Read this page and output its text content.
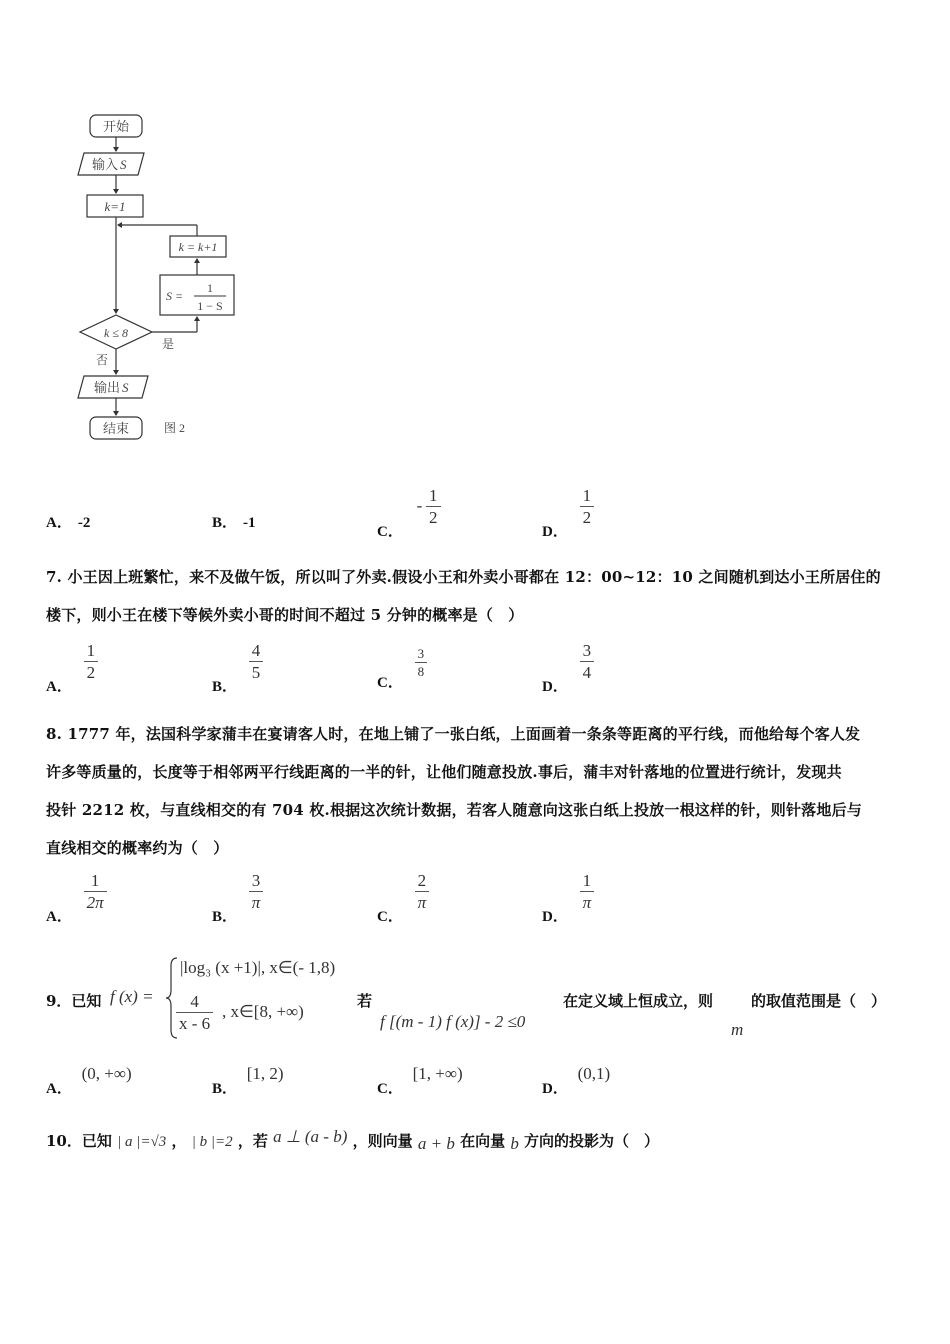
开始
输入 S
k=1
k = k+1
S =
1
1 − S
k ≤ 8
否
是
输出 S
结束	图 2
A． -2	B． -1
C． - $\frac{1}{2}$
D．
$\frac{1}{2}$
7. 小王因上班繁忙，来不及做午饭，所以叫了外卖.假设小王和外卖小哥都在 12：00~12：10 之间随机到达小王所居住的
楼下，则小王在楼下等候外卖小哥的时间不超过 5 分钟的概率是（　）
A．
$\frac{1}{2}$
B．
$\frac{4}{5}$	C．
$\frac{3}{8}$
D．
$\frac{3}{4}$
8. 1777 年，法国科学家蒲丰在宴请客人时，在地上铺了一张白纸，上面画着一条条等距离的平行线，而他给每个客人发
许多等质量的，长度等于相邻两平行线距离的一半的针，让他们随意投放.事后，蒲丰对针落地的位置进行统计，发现共
投针 2212 枚，与直线相交的有 704 枚.根据这次统计数据，若客人随意向这张白纸上投放一根这样的针，则针落地后与
直线相交的概率约为（　）
A．
$\frac{1}{2\pi}$
B．
$\frac{3}{\pi}$
C．
$\frac{2}{\pi}$
D．
$\frac{1}{\pi}$
9．已知 f (x) =
|log₃ (x +1)|, x∈(- 1,8)
$\frac{4}{x - 6}$ , x∈[8, +∞)
若
f [(m - 1) f (x)] - 2 ≤0
在定义域上恒成立，则
m
的取值范围是（　）
A． (0, +∞)
B． [1, 2)
C． [1, +∞)
D． (0,1)
10．已知 | a |=√3 ， | b |=2 ，若 a ⊥ (a - b) ，则向量 a + b 在向量 b 方向的投影为（　）
